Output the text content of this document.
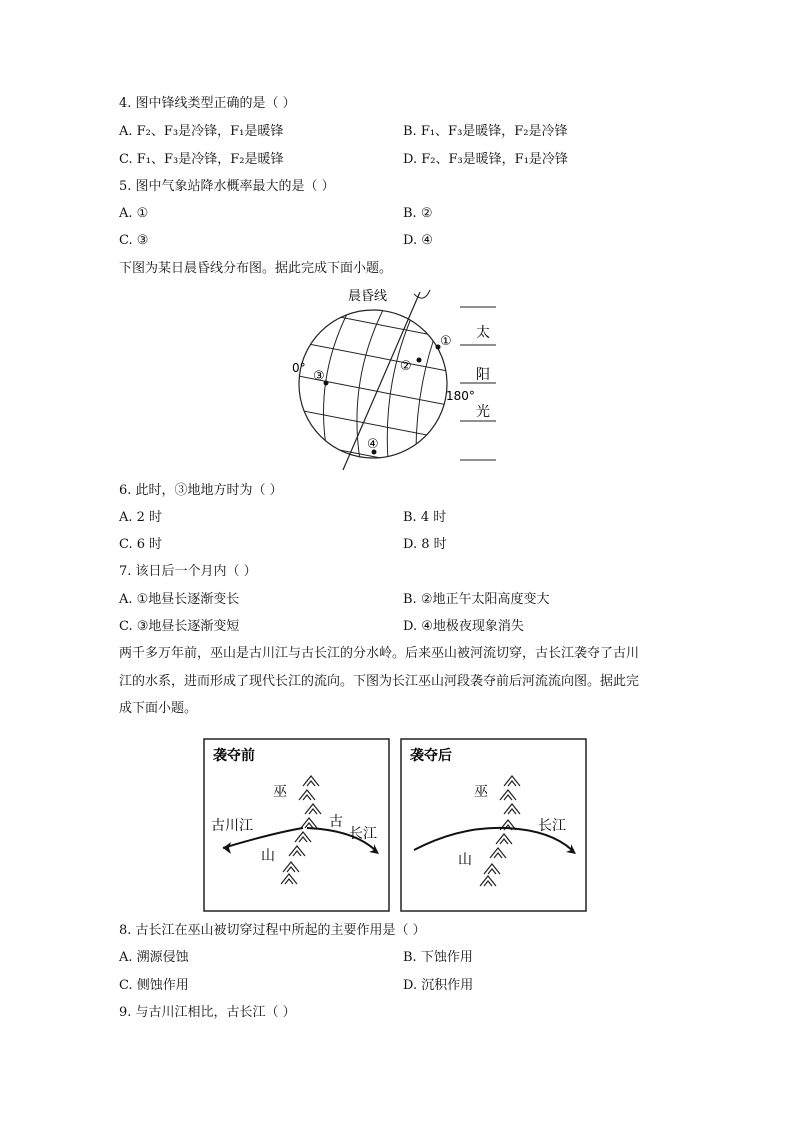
4. 图中锋线类型正确的是（ ）
A. F₂、F₃是冷锋，F₁是暖锋	B. F₁、F₃是暖锋，F₂是冷锋
C. F₁、F₃是冷锋，F₂是暖锋	D. F₂、F₃是暖锋，F₁是冷锋
5. 图中气象站降水概率最大的是（ ）
A. ①	B. ②
C. ③	D. ④
下图为某日晨昏线分布图。据此完成下面小题。
晨昏线
0°
180°
①
②
③
④
太
阳
光
6. 此时，③地地方时为（ ）
A. 2 时	B. 4 时
C. 6 时	D. 8 时
7. 该日后一个月内（ ）
A. ①地昼长逐渐变长	B. ②地正午太阳高度变大
C. ③地昼长逐渐变短	D. ④地极夜现象消失
两千多万年前，巫山是古川江与古长江的分水岭。后来巫山被河流切穿，古长江袭夺了古川
江的水系，进而形成了现代长江的流向。下图为长江巫山河段袭夺前后河流流向图。据此完
成下面小题。
袭夺前
巫
山
古川江	古
长江
袭夺后
巫
山
长江
8. 古长江在巫山被切穿过程中所起的主要作用是（ ）
A. 溯源侵蚀	B. 下蚀作用
C. 侧蚀作用	D. 沉积作用
9. 与古川江相比，古长江（ ）
